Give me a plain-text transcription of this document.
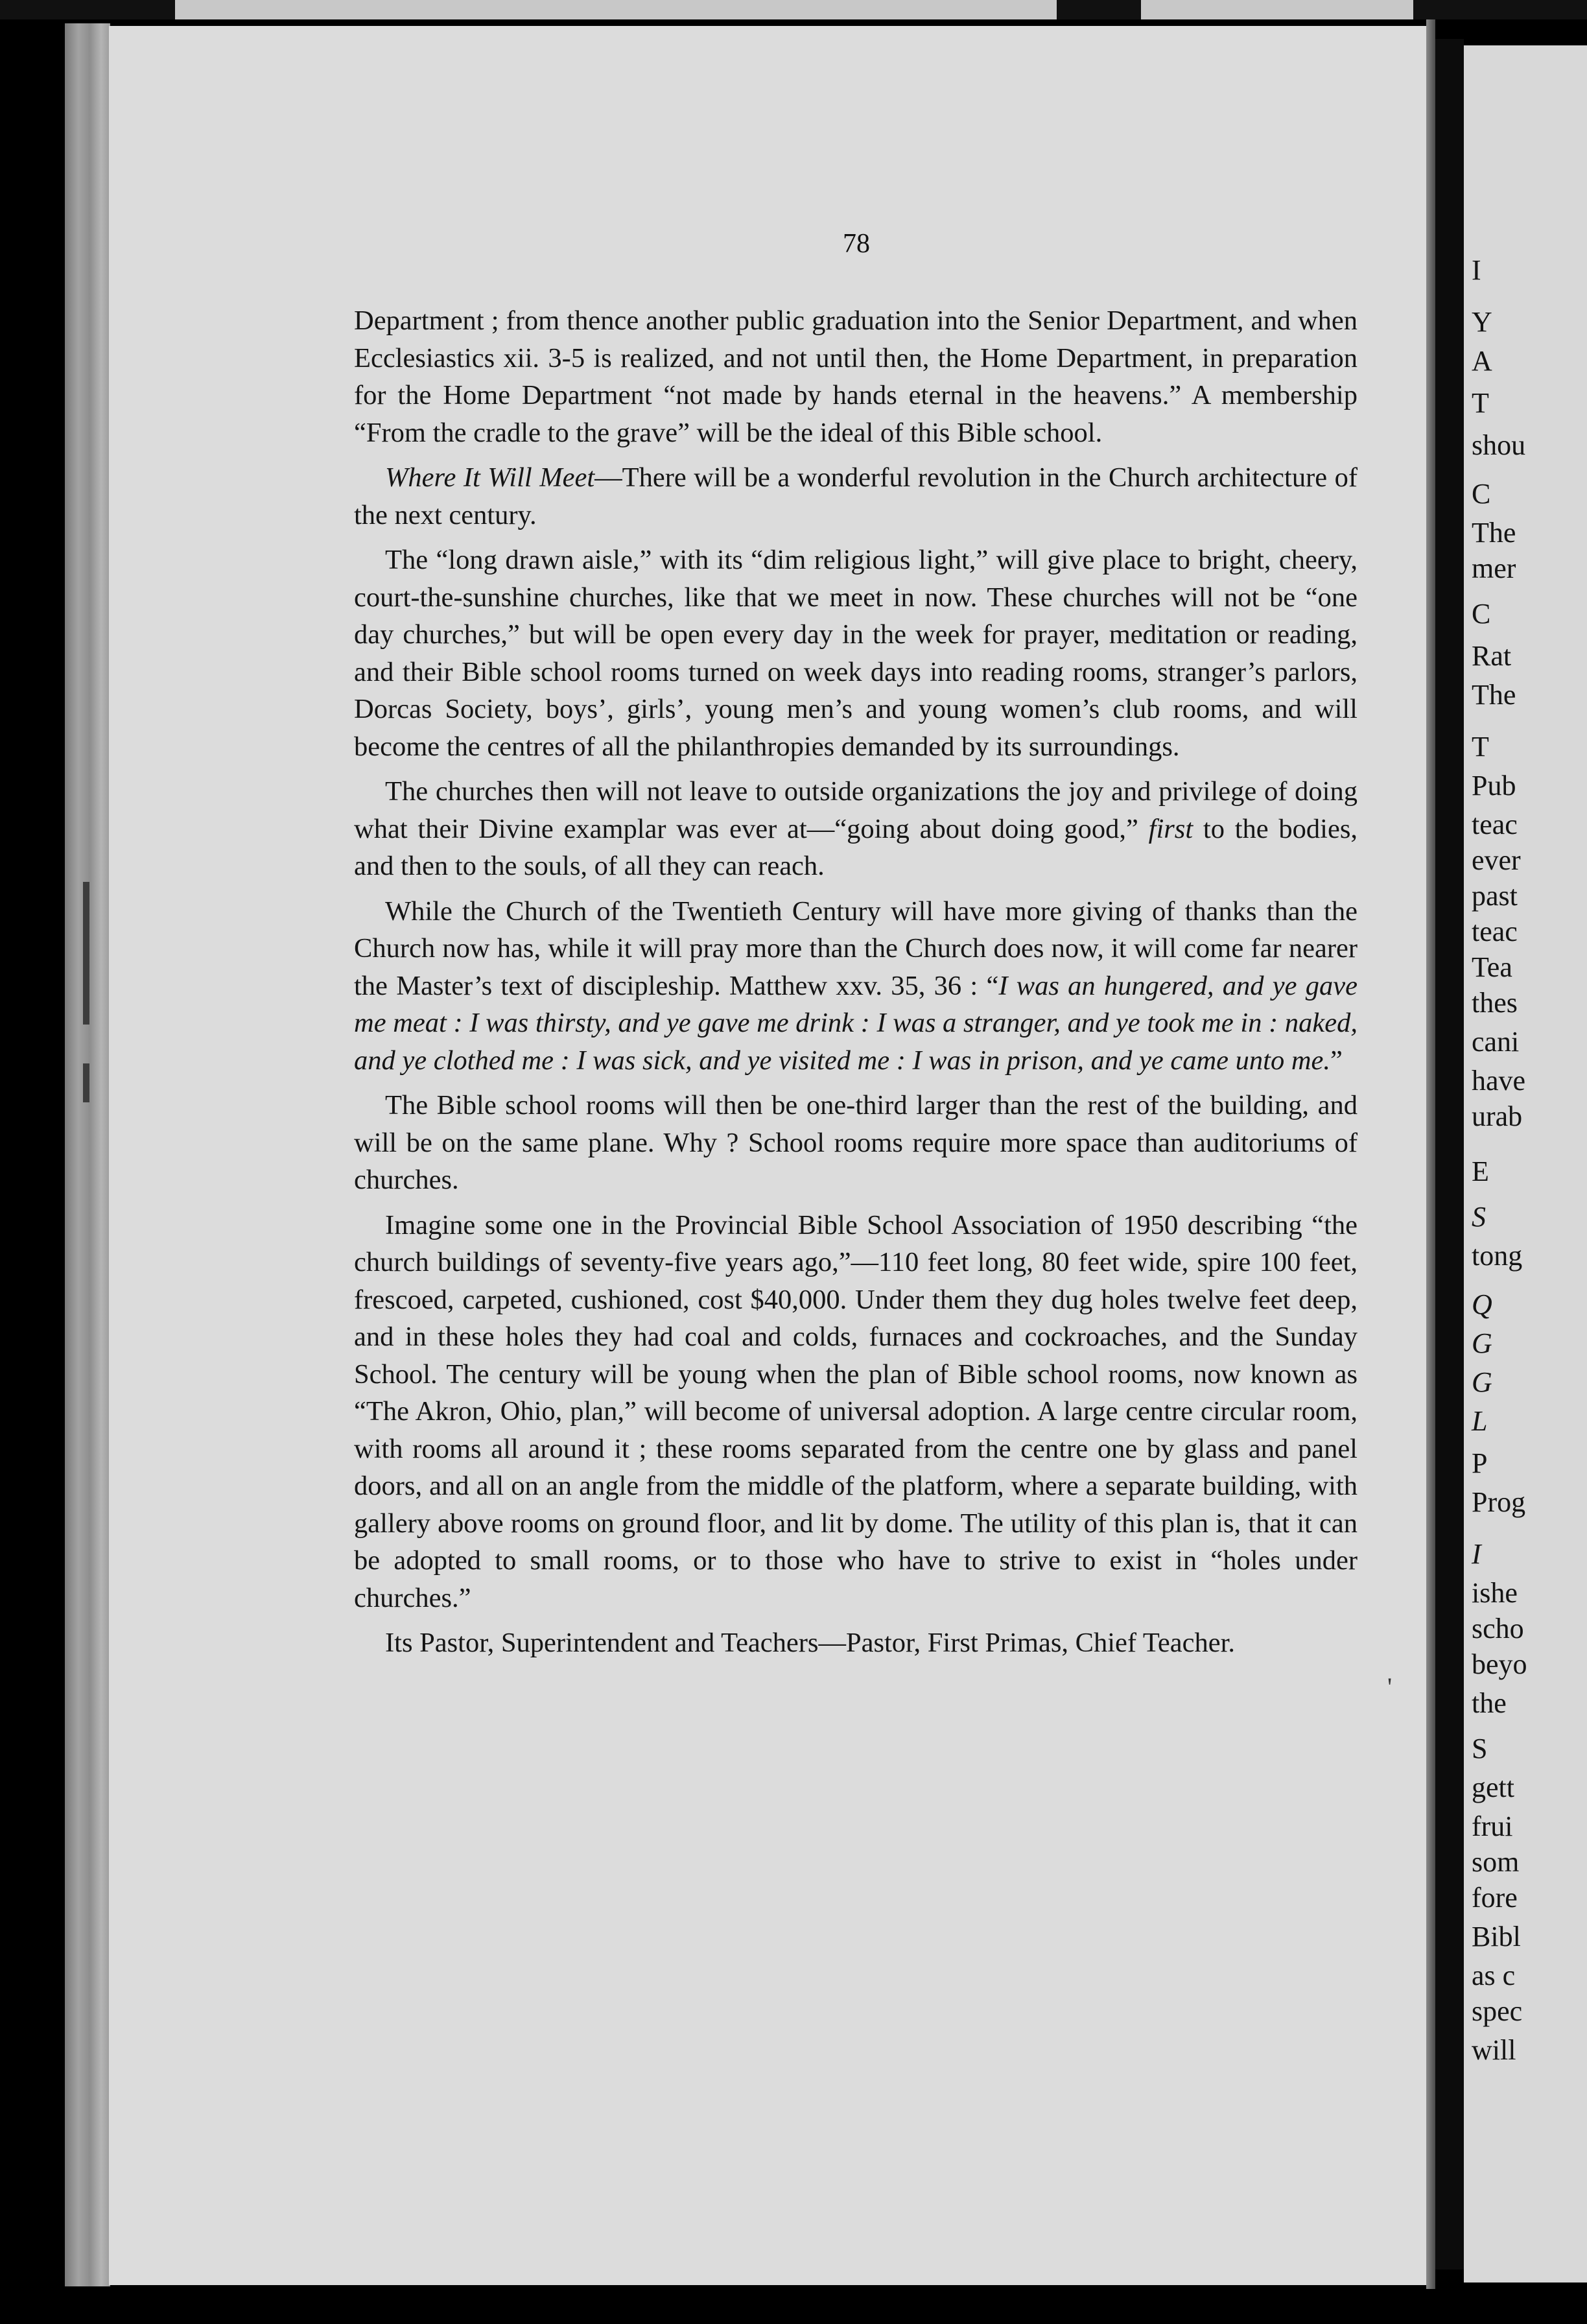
78

Department ; from thence another public graduation into the Senior Department, and when Ecclesiastics xii. 3-5 is realized, and not until then, the Home Department, in preparation for the Home Department “not made by hands eternal in the heavens.” A membership “From the cradle to the grave” will be the ideal of this Bible school.

Where It Will Meet—There will be a wonderful revolution in the Church architecture of the next century.

The “long drawn aisle,” with its “dim religious light,” will give place to bright, cheery, court-the-sunshine churches, like that we meet in now. These churches will not be “one day churches,” but will be open every day in the week for prayer, meditation or reading, and their Bible school rooms turned on week days into reading rooms, stranger’s parlors, Dorcas Society, boys’, girls’, young men’s and young women’s club rooms, and will become the centres of all the philanthropies demanded by its surroundings.

The churches then will not leave to outside organizations the joy and privilege of doing what their Divine examplar was ever at—“going about doing good,” first to the bodies, and then to the souls, of all they can reach.

While the Church of the Twentieth Century will have more giving of thanks than the Church now has, while it will pray more than the Church does now, it will come far nearer the Master’s text of discipleship. Matthew xxv. 35, 36 : “I was an hungered, and ye gave me meat : I was thirsty, and ye gave me drink : I was a stranger, and ye took me in : naked, and ye clothed me : I was sick, and ye visited me : I was in prison, and ye came unto me.”

The Bible school rooms will then be one-third larger than the rest of the building, and will be on the same plane. Why ? School rooms require more space than auditoriums of churches.

Imagine some one in the Provincial Bible School Association of 1950 describing “the church buildings of seventy-five years ago,”—110 feet long, 80 feet wide, spire 100 feet, frescoed, carpeted, cushioned, cost $40,000. Under them they dug holes twelve feet deep, and in these holes they had coal and colds, furnaces and cockroaches, and the Sunday School. The century will be young when the plan of Bible school rooms, now known as “The Akron, Ohio, plan,” will become of universal adoption. A large centre circular room, with rooms all around it ; these rooms separated from the centre one by glass and panel doors, and all on an angle from the middle of the platform, where a separate building, with gallery above rooms on ground floor, and lit by dome. The utility of this plan is, that it can be adopted to small rooms, or to those who have to strive to exist in “holes under churches.”

Its Pastor, Superintendent and Teachers—Pastor, First Primas, Chief Teacher.

'
I
Y
A
T
shou
C
The
mer
C
Rat
The
T
Pub
teac
ever
past
teac
Tea
thes
cani
have
urab
E
S
tong
Q
G
G
L
P
Prog
I
ishe
scho
beyo
the
S
gett
frui
som
fore
Bibl
as c
spec
will
